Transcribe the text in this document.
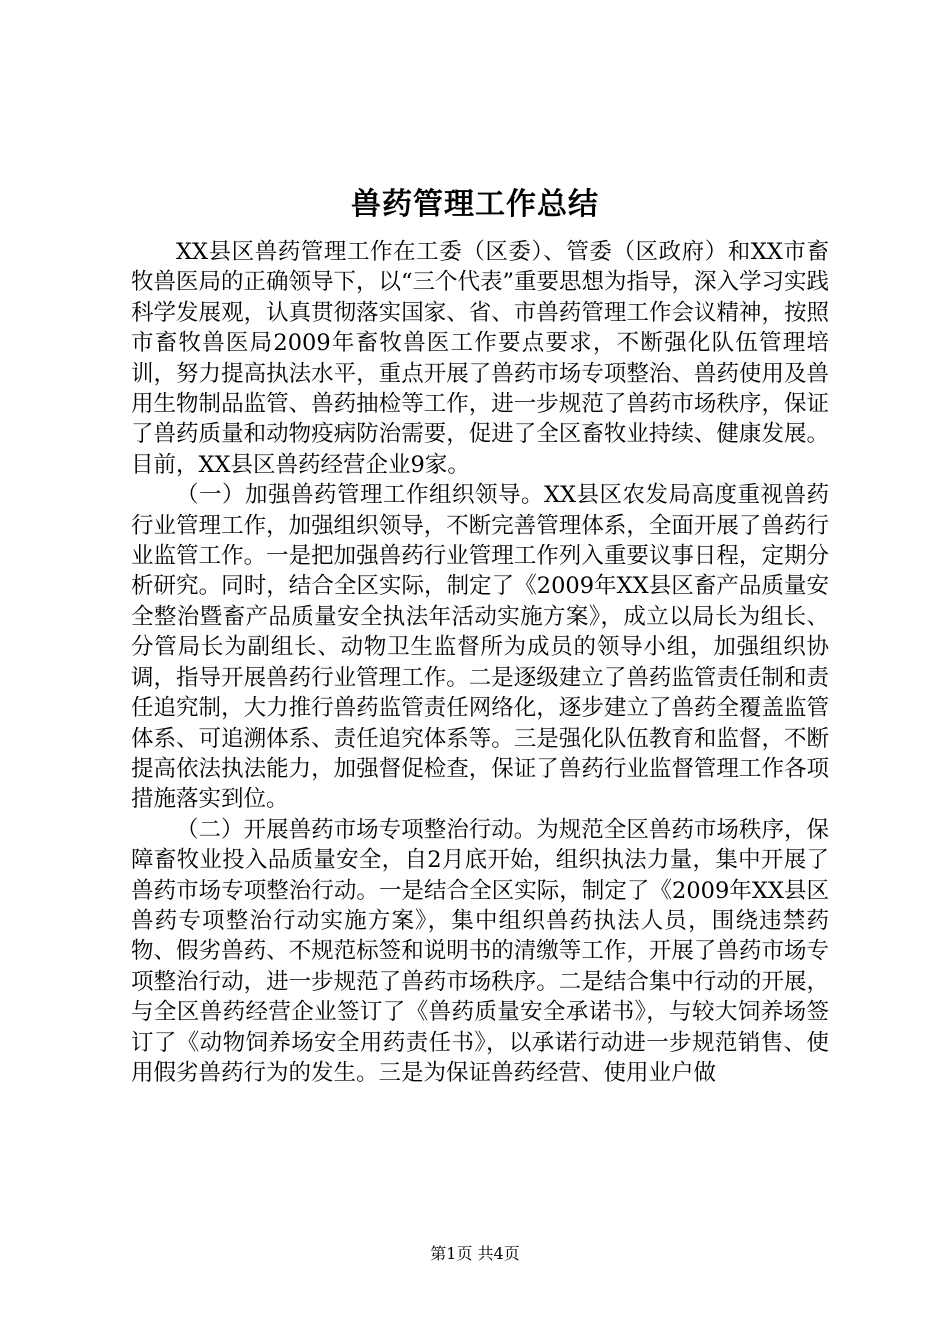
兽药管理工作总结

XX县区兽药管理工作在工委（区委）、管委（区政府）和XX市畜牧兽医局的正确领导下，以“三个代表”重要思想为指导，深入学习实践科学发展观，认真贯彻落实国家、省、市兽药管理工作会议精神，按照市畜牧兽医局2009年畜牧兽医工作要点要求，不断强化队伍管理培训，努力提高执法水平，重点开展了兽药市场专项整治、兽药使用及兽用生物制品监管、兽药抽检等工作，进一步规范了兽药市场秩序，保证了兽药质量和动物疫病防治需要，促进了全区畜牧业持续、健康发展。目前，XX县区兽药经营企业9家。

（一）加强兽药管理工作组织领导。XX县区农发局高度重视兽药行业管理工作，加强组织领导，不断完善管理体系，全面开展了兽药行业监管工作。一是把加强兽药行业管理工作列入重要议事日程，定期分析研究。同时，结合全区实际，制定了《2009年XX县区畜产品质量安全整治暨畜产品质量安全执法年活动实施方案》，成立以局长为组长、分管局长为副组长、动物卫生监督所为成员的领导小组，加强组织协调，指导开展兽药行业管理工作。二是逐级建立了兽药监管责任制和责任追究制，大力推行兽药监管责任网络化，逐步建立了兽药全覆盖监管体系、可追溯体系、责任追究体系等。三是强化队伍教育和监督，不断提高依法执法能力，加强督促检查，保证了兽药行业监督管理工作各项措施落实到位。

（二）开展兽药市场专项整治行动。为规范全区兽药市场秩序，保障畜牧业投入品质量安全，自2月底开始，组织执法力量，集中开展了兽药市场专项整治行动。一是结合全区实际，制定了《2009年XX县区兽药专项整治行动实施方案》，集中组织兽药执法人员，围绕违禁药物、假劣兽药、不规范标签和说明书的清缴等工作，开展了兽药市场专项整治行动，进一步规范了兽药市场秩序。二是结合集中行动的开展，与全区兽药经营企业签订了《兽药质量安全承诺书》，与较大饲养场签订了《动物饲养场安全用药责任书》，以承诺行动进一步规范销售、使用假劣兽药行为的发生。三是为保证兽药经营、使用业户做

第1页 共4页
